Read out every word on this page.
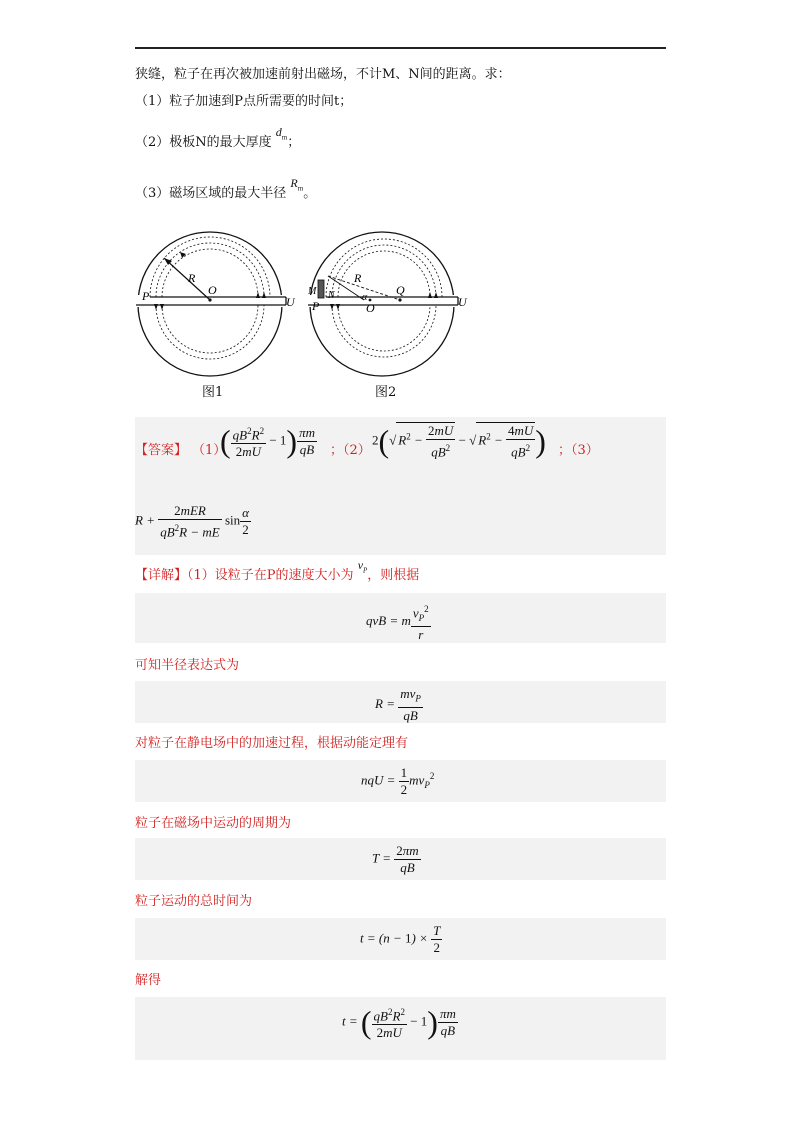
狭缝，粒子在再次被加速前射出磁场，不计M、N间的距离。求：
（1）粒子加速到P点所需要的时间t；
（2）极板N的最大厚度 $d_m$；
（3）磁场区域的最大半径 $R_m$。
R
O
P	U
图1
R
Q
O
α
M N
P	U
图2
【答案】 （1）
( $\frac{qB^2R^2}{2mU} - 1) \frac{\pi m}{qB}$ ；（2）
2(√ $R^2 - \frac{2mU}{qB^2}$ − √ $R^2 - \frac{4mU}{qB^2}$ ) ；（3）
$R + \frac{\text{2mER}}{qB^2R - mE}$ $\sin \frac{\alpha}{2}$
【详解】（1）设粒子在P的速度大小为 $v_P$，则根据
qvB = m $\frac{v_P^2}{r}$
可知半径表达式为
$R = \frac{mv_P}{qB}$
对粒子在静电场中的加速过程，根据动能定理有
nqU = $\frac{1}{2} mv_P^2$
粒子在磁场中运动的周期为
$T = \frac{2\pi m}{qB}$
粒子运动的总时间为
$t = (n - 1) \times \frac{T}{2}$
解得
t = ( $\frac{qB^2R^2}{2mU} - 1) \frac{\pi m}{qB}$
